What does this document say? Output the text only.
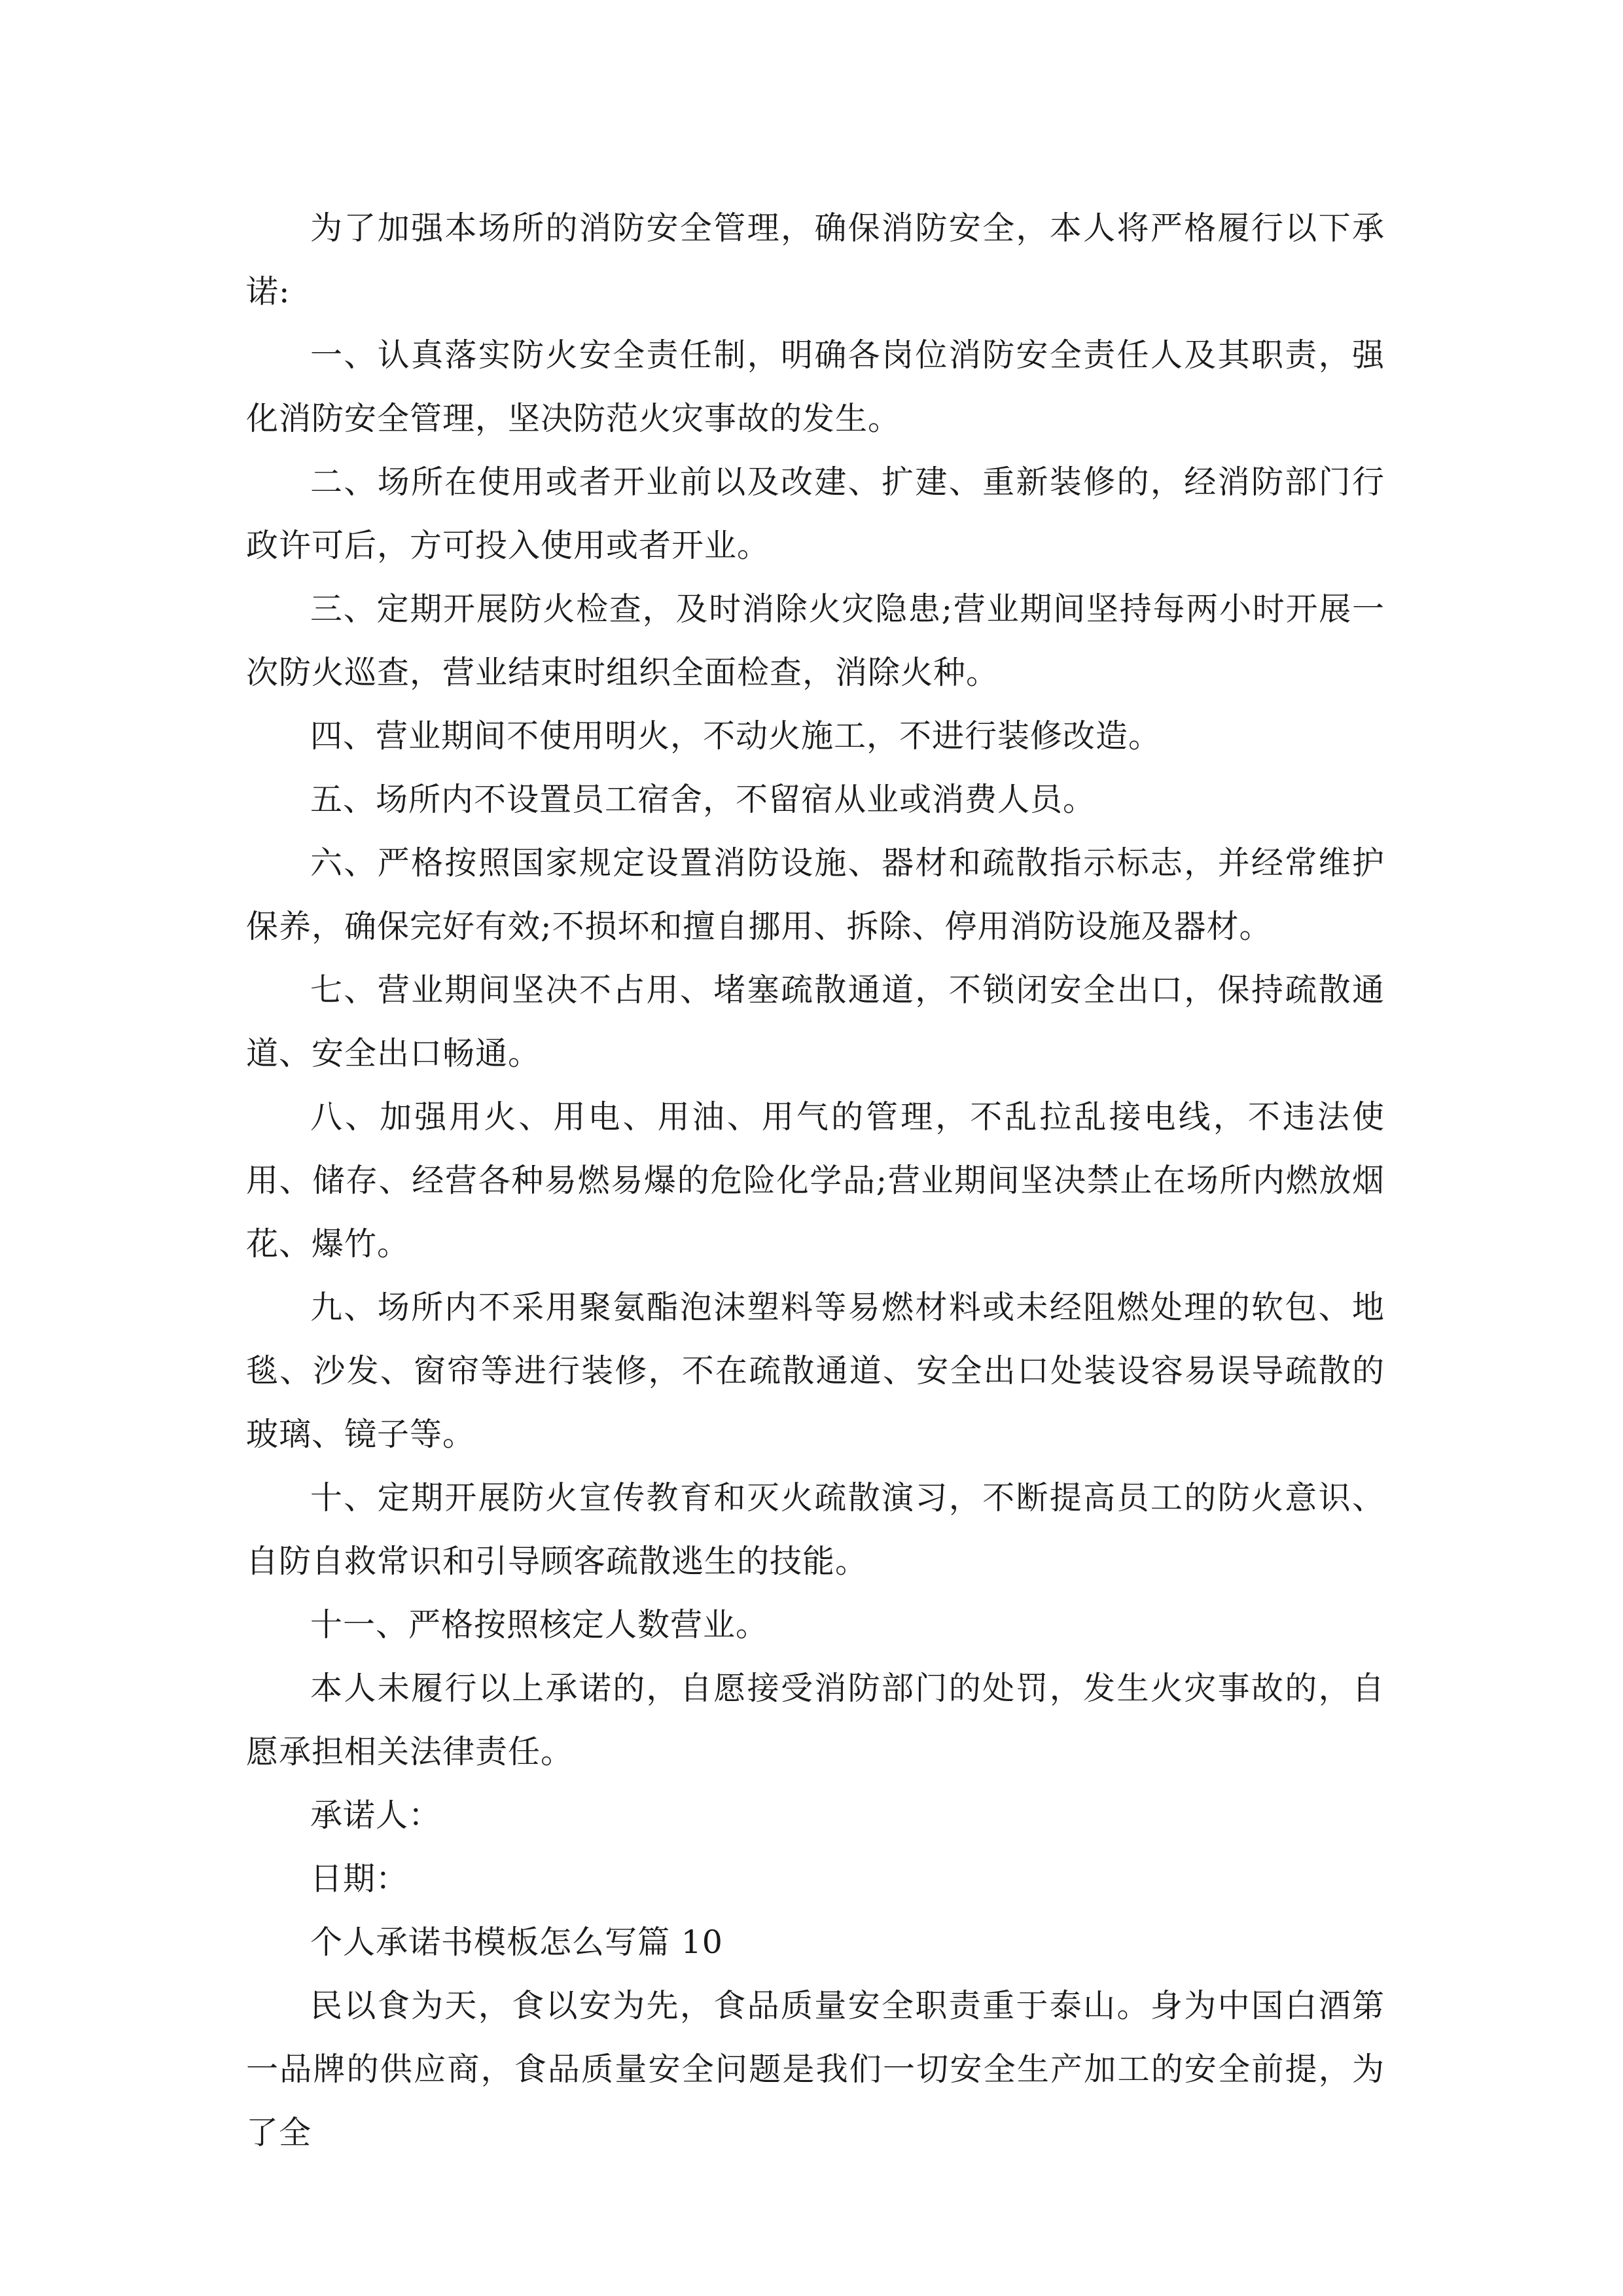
为了加强本场所的消防安全管理，确保消防安全，本人将严格履行以下承诺:

一、认真落实防火安全责任制，明确各岗位消防安全责任人及其职责，强化消防安全管理，坚决防范火灾事故的发生。

二、场所在使用或者开业前以及改建、扩建、重新装修的，经消防部门行政许可后，方可投入使用或者开业。

三、定期开展防火检查，及时消除火灾隐患;营业期间坚持每两小时开展一次防火巡查，营业结束时组织全面检查，消除火种。

四、营业期间不使用明火，不动火施工，不进行装修改造。

五、场所内不设置员工宿舍，不留宿从业或消费人员。

六、严格按照国家规定设置消防设施、器材和疏散指示标志，并经常维护保养，确保完好有效;不损坏和擅自挪用、拆除、停用消防设施及器材。

七、营业期间坚决不占用、堵塞疏散通道，不锁闭安全出口，保持疏散通道、安全出口畅通。

八、加强用火、用电、用油、用气的管理，不乱拉乱接电线，不违法使用、储存、经营各种易燃易爆的危险化学品;营业期间坚决禁止在场所内燃放烟花、爆竹。

九、场所内不采用聚氨酯泡沫塑料等易燃材料或未经阻燃处理的软包、地毯、沙发、窗帘等进行装修，不在疏散通道、安全出口处装设容易误导疏散的玻璃、镜子等。

十、定期开展防火宣传教育和灭火疏散演习，不断提高员工的防火意识、自防自救常识和引导顾客疏散逃生的技能。

十一、严格按照核定人数营业。

本人未履行以上承诺的，自愿接受消防部门的处罚，发生火灾事故的，自愿承担相关法律责任。

承诺人：

日期：

个人承诺书模板怎么写篇 10

民以食为天，食以安为先，食品质量安全职责重于泰山。身为中国白酒第一品牌的供应商，食品质量安全问题是我们一切安全生产加工的安全前提，为了全
